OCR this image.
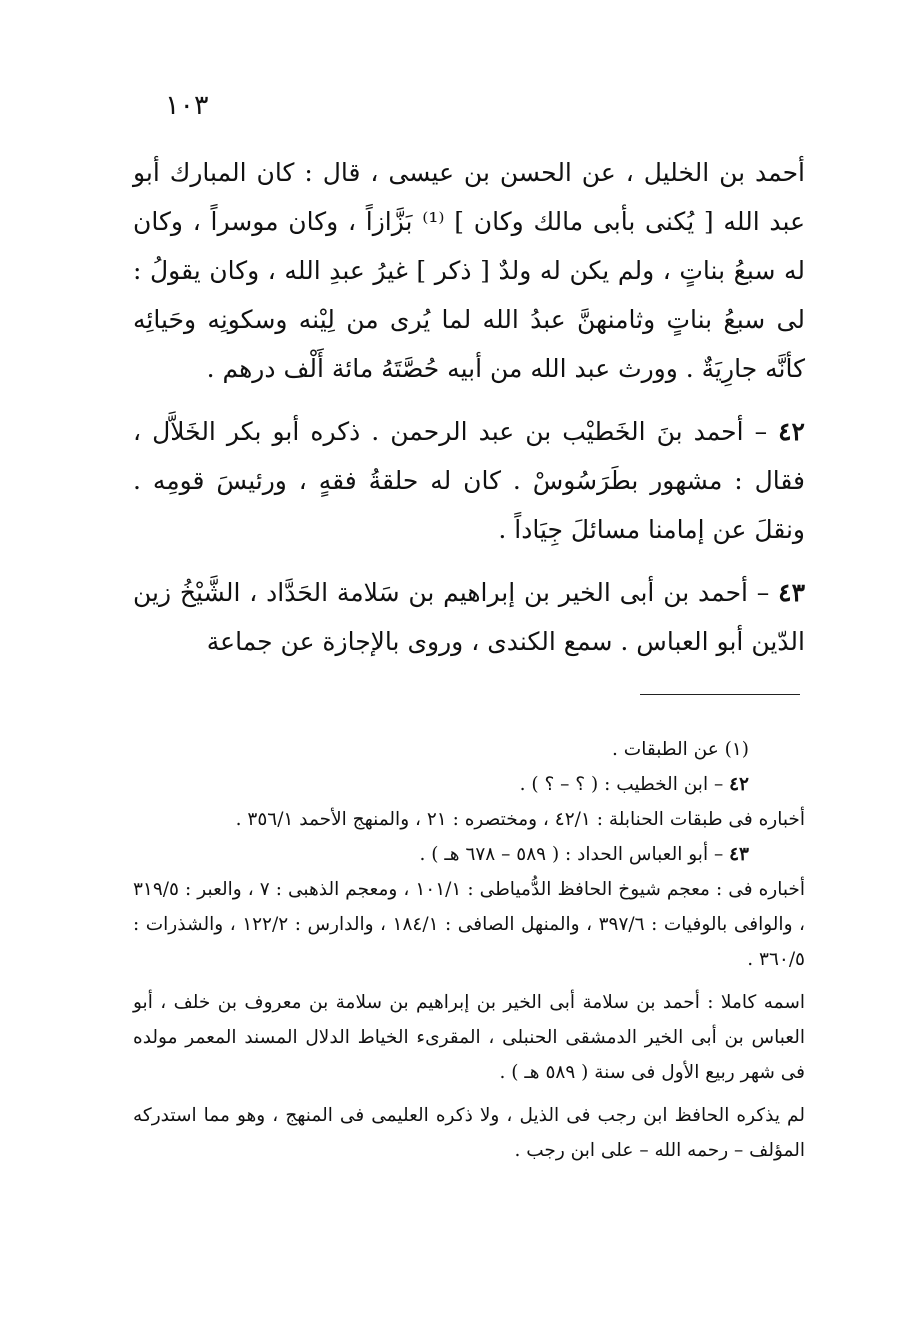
١٠٣

أحمد بن الخليل ، عن الحسن بن عيسى ، قال : كان المبارك أبو عبد الله [ يُكنى بأبى مالك وكان ] ⁽¹⁾ بَزَّازاً ، وكان موسراً ، وكان له سبعُ بناتٍ ، ولم يكن له ولدٌ [ ذكر ] غيرُ عبدِ الله ، وكان يقولُ : لى سبعُ بناتٍ وثامنهنَّ عبدُ الله لما يُرى من لِيْنه وسكونِه وحَيائِه كأنَّه جارِيَةٌ . وورث عبد الله من أبيه حُصَّتَهُ مائة أَلْف درهم .

٤٢ – أحمد بنَ الخَطيْب بن عبد الرحمن . ذكره أبو بكر الخَلاَّل ، فقال : مشهور بطَرَسُوسْ . كان له حلقةُ فقهٍ ، ورئيسَ قومِه . ونقلَ عن إمامنا مسائلَ جِيَاداً .

٤٣ – أحمد بن أبى الخير بن إبراهيم بن سَلامة الحَدَّاد ، الشَّيْخُ زين الدّين أبو العباس . سمع الكندى ، وروى بالإجازة عن جماعة

(١) عن الطبقات .

٤٢ – ابن الخطيب : ( ؟ – ؟ ) .

أخباره فى طبقات الحنابلة : ٤٢/١ ، ومختصره : ٢١ ، والمنهج الأحمد ٣٥٦/١ .

٤٣ – أبو العباس الحداد : ( ٥٨٩ – ٦٧٨ هـ ) .

أخباره فى : معجم شيوخ الحافظ الدُّمياطى : ١٠١/١ ، ومعجم الذهبى : ٧ ، والعبر : ٣١٩/٥ ، والوافى بالوفيات : ٣٩٧/٦ ، والمنهل الصافى : ١٨٤/١ ، والدارس : ١٢٢/٢ ، والشذرات : ٣٦٠/٥ .

اسمه كاملا : أحمد بن سلامة أبى الخير بن إبراهيم بن سلامة بن معروف بن خلف ، أبو العباس بن أبى الخير الدمشقى الحنبلى ، المقرىء الخياط الدلال المسند المعمر مولده فى شهر ربيع الأول فى سنة ( ٥٨٩ هـ ) .

لم يذكره الحافظ ابن رجب فى الذيل ، ولا ذكره العليمى فى المنهج ، وهو مما استدركه المؤلف – رحمه الله – على ابن رجب .
